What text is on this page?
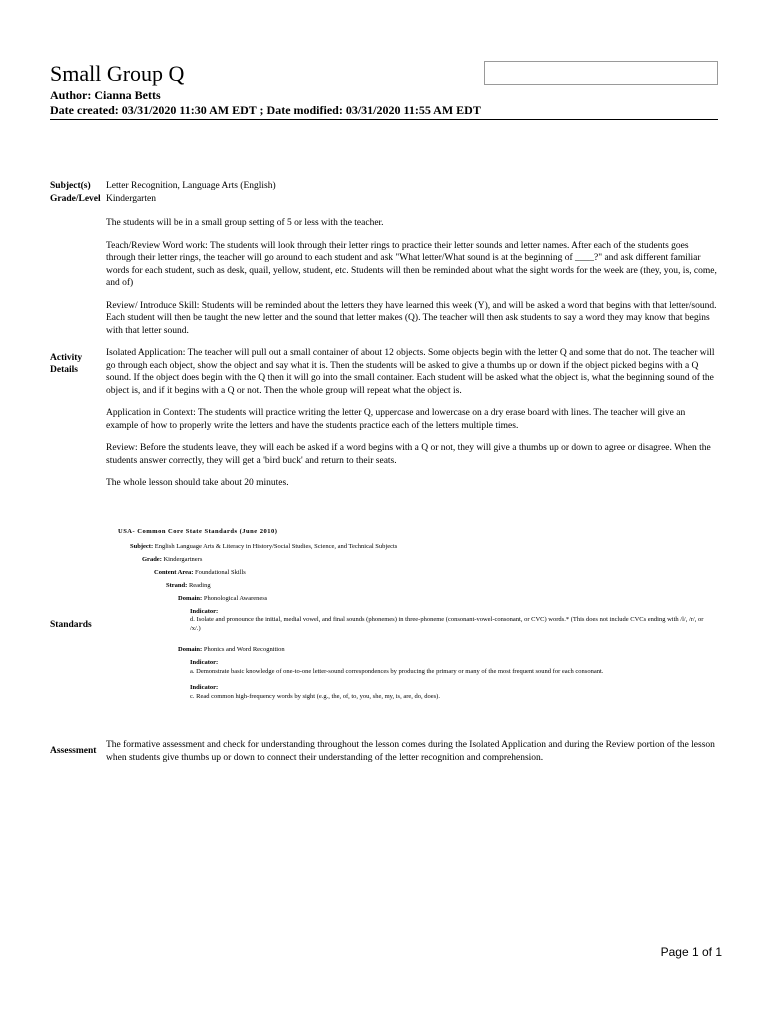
Small Group Q
Author: Cianna Betts
Date created: 03/31/2020 11:30 AM EDT ; Date modified: 03/31/2020 11:55 AM EDT
Subject(s) Letter Recognition, Language Arts (English)
Grade/Level Kindergarten
Activity
Details

The students will be in a small group setting of 5 or less with the teacher.

Teach/Review Word work: The students will look through their letter rings to practice their letter sounds and letter names. After each of the students goes through their letter rings, the teacher will go around to each student and ask "What letter/What sound is at the beginning of ____?" and ask different familiar words for each student, such as desk, quail, yellow, student, etc. Students will then be reminded about what the sight words for the week are (they, you, is, come, and of)

Review/ Introduce Skill: Students will be reminded about the letters they have learned this week (Y), and will be asked a word that begins with that letter/sound. Each student will then be taught the new letter and the sound that letter makes (Q). The teacher will then ask students to say a word they may know that begins with that letter sound.

Isolated Application: The teacher will pull out a small container of about 12 objects. Some objects begin with the letter Q and some that do not. The teacher will go through each object, show the object and say what it is. Then the students will be asked to give a thumbs up or down if the object picked begins with a Q sound. If the object does begin with the Q then it will go into the small container. Each student will be asked what the object is, what the beginning sound of the object is, and if it begins with a Q or not. Then the whole group will repeat what the object is.

Application in Context: The students will practice writing the letter Q, uppercase and lowercase on a dry erase board with lines. The teacher will give an example of how to properly write the letters and have the students practice each of the letters multiple times.

Review: Before the students leave, they will each be asked if a word begins with a Q or not, they will give a thumbs up or down to agree or disagree. When the students answer correctly, they will get a 'bird buck' and return to their seats.

The whole lesson should take about 20 minutes.

Standards
USA- Common Core State Standards (June 2010)
Subject: English Language Arts & Literacy in History/Social Studies, Science, and Technical Subjects
Grade: Kindergartners
Content Area: Foundational Skills
Strand: Reading
Domain: Phonological Awareness
Indicator:
d. Isolate and pronounce the initial, medial vowel, and final sounds (phonemes) in three-phoneme (consonant-vowel-consonant, or CVC) words.* (This does not include CVCs ending with /l/, /r/, or /x/.)
Domain: Phonics and Word Recognition
Indicator:
a. Demonstrate basic knowledge of one-to-one letter-sound correspondences by producing the primary or many of the most frequent sound for each consonant.
Indicator:
c. Read common high-frequency words by sight (e.g., the, of, to, you, she, my, is, are, do, does).
Assessment
The formative assessment and check for understanding throughout the lesson comes during the Isolated Application and during the Review portion of the lesson when students give thumbs up or down to connect their understanding of the letter recognition and comprehension.
Page 1 of 1
